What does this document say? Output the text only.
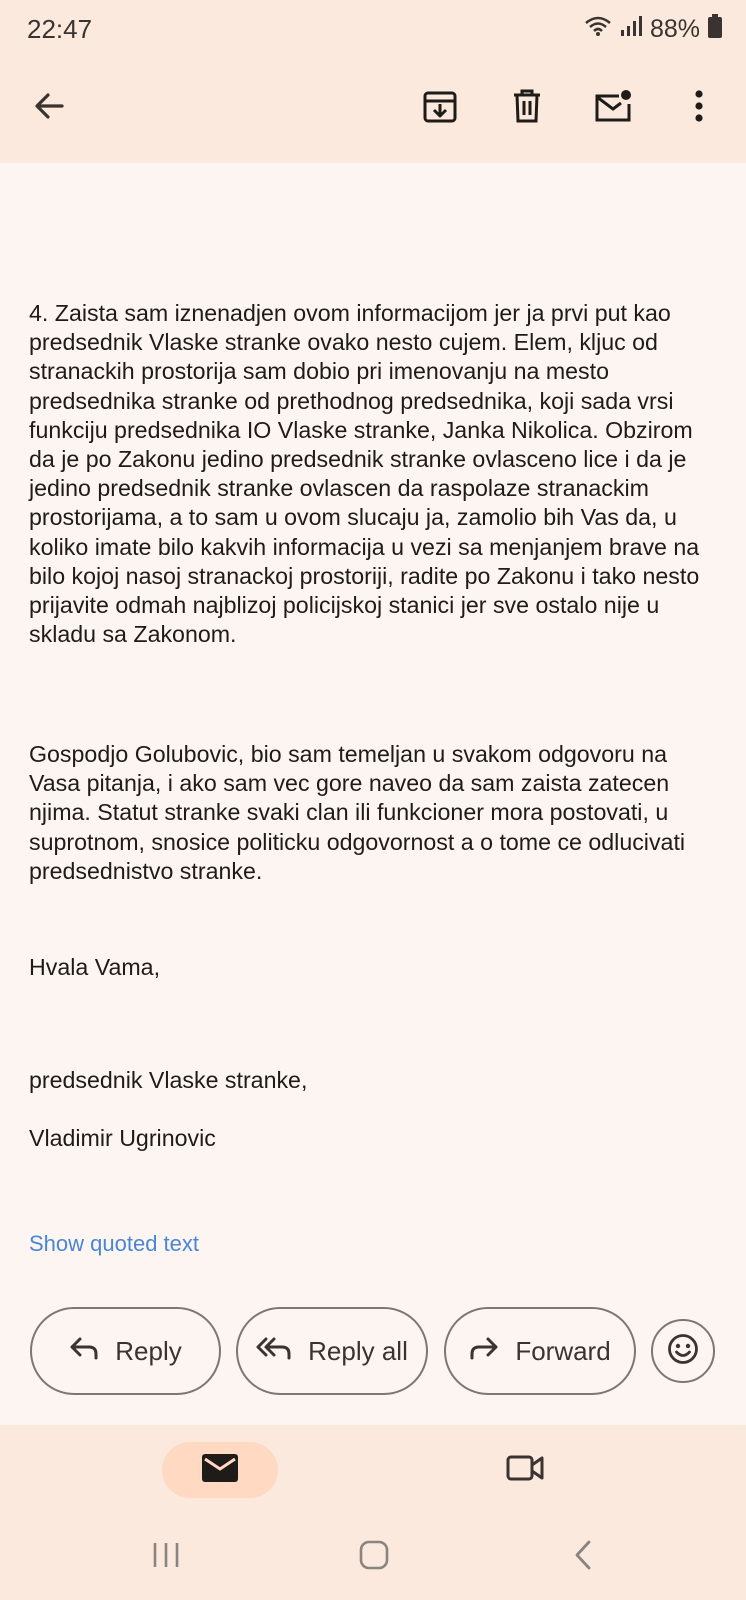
22:47	88%

4. Zaista sam iznenadjen ovom informacijom jer ja prvi put kao predsednik Vlaske stranke ovako nesto cujem. Elem, kljuc od stranackih prostorija sam dobio pri imenovanju na mesto predsednika stranke od prethodnog predsednika, koji sada vrsi funkciju predsednika IO Vlaske stranke, Janka Nikolica. Obzirom da je po Zakonu jedino predsednik stranke ovlasceno lice i da je jedino predsednik stranke ovlascen da raspolaze stranackim prostorijama, a to sam u ovom slucaju ja, zamolio bih Vas da, u koliko imate bilo kakvih informacija u vezi sa menjanjem brave na bilo kojoj nasoj stranackoj prostoriji, radite po Zakonu i tako nesto prijavite odmah najblizoj policijskoj stanici jer sve ostalo nije u skladu sa Zakonom.

Gospodjo Golubovic, bio sam temeljan u svakom odgovoru na Vasa pitanja, i ako sam vec gore naveo da sam zaista zatecen njima. Statut stranke svaki clan ili funkcioner mora postovati, u suprotnom, snosice politicku odgovornost a o tome ce odlucivati predsednistvo stranke.

Hvala Vama,

predsednik Vlaske stranke,

Vladimir Ugrinovic

Show quoted text
Reply	Reply all	Forward
